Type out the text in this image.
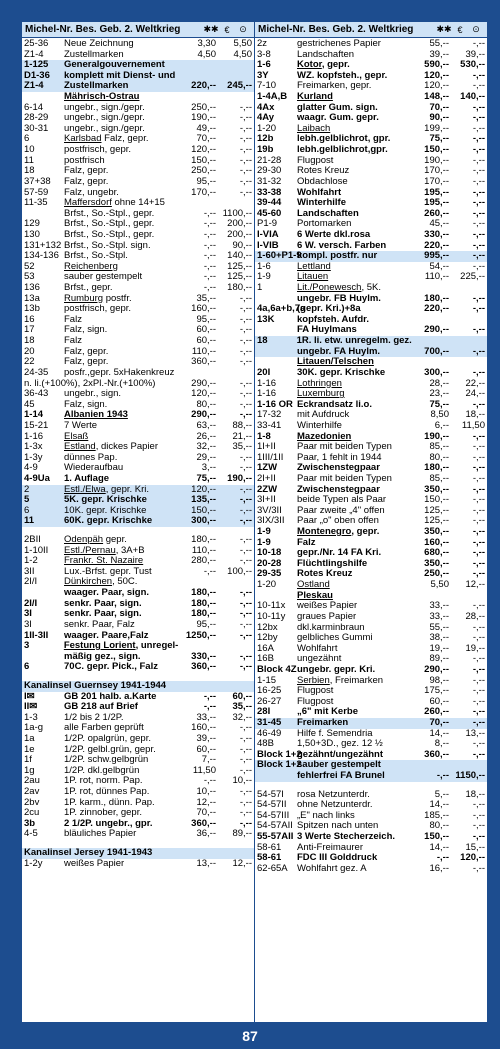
Michel-Nr. Bes. Geb. 2. Weltkrieg	✱✱ €	⊙
25-36	Neue Zeichnung	3,30	5,50
Z1-4	Zustellmarken	4,50	4,50
1-125	Generalgouvernement
D1-36	komplett mit Dienst- und
Z1-4	Zustellmarken	220,--	245,--
Mährisch-Ostrau
6-14	ungebr., sign./gepr.	250,--	-,--
28-29	ungebr., sign./gepr.	190,--	-,--
30-31	ungebr., sign./gepr.	49,--	-,--
6	Karlsbad Falz, gepr.	70,--	-,--
10	postfrisch, gepr.	120,--	-,--
11	postfrisch	150,--	-,--
18	Falz, gepr.	250,--	-,--
37+38	Falz, gepr.	95,--	-,--
57-59	Falz, ungebr.	170,--	-,--
11-35	Maffersdorf ohne 14+15
Brfst., So.-Stpl., gepr.	-,-- 1100,--
129	Brfst., So.-Stpl., gepr.	-,--	200,--
130	Brfst., So.-Stpl., gepr.	-,--	200,--
131+132 Brfst., So.-Stpl. sign.	-,--	90,--
134-136 Brfst., So.-Stpl.	-,--	140,--
52	Reichenberg	-,--	125,--
53	sauber gestempelt	-,--	125,--
136	Brfst., gepr.	-,--	180,--
13a	Rumburg postfr.	35,--	-,--
13b	postfrisch, gepr.	160,--	-,--
16	Falz	95,--	-,--
17	Falz, sign.	60,--	-,--
18	Falz	60,--	-,--
20	Falz, gepr.	110,--	-,--
22	Falz, gepr.	360,--	-,--
24-35	posfr.,gepr. 5xHakenkreuz
n. li.(+100%), 2xPl.-Nr.(+100%)	290,--	-,--
36-43	ungebr., sign.	120,--	-,--
45	Falz, sign.	80,--	-,--
1-14	Albanien 1943	290,--	-,--
15-21	7 Werte	63,--	88,--
1-16	Elsaß	26,--	21,--
1-3x	Estland, dickes Papier	32,--	35,--
1-3y	dünnes Pap.	29,--	-,--
4-9	Wiederaufbau	3,--	-,--
4-9Ua	1. Auflage	75,--	190,--
2	Estl./Elwa, gepr. Kri.	120,--	-,--
5	5K. gepr. Krischke	135,--	-,--
6	10K. gepr. Krischke	150,--	-,--
11	60K. gepr. Krischke	300,--	-,--
2BII	Odenpäh gepr.	180,--	-,--
1-10II	Estl./Pernau, 3A+B	110,--	-,--
1-2	Frankr. St. Nazaire	280,--	-,--
3II	Lux.-Brfst. gepr. Tust	-,--	100,--
2I/I	Dünkirchen, 50C.
waager. Paar, sign.	180,--	-,--
2I/I	senkr. Paar, sign.	180,--	-,--
3I	senkr. Paar, sign.	180,--	-,--
3I	senkr. Paar, Falz	95,--	-,--
1II-3II	waager. Paare,Falz	1250,--	-,--
3	Festung Lorient, unregel-
mäßig gez., sign.	330,--	-,--
6	70C. gepr. Pick., Falz	360,--	-,--
Kanalinsel Guernsey 1941-1944
I✉	GB 201 halb. a.Karte	-,--	60,--
II✉	GB 218 auf Brief	-,--	35,--
1-3	1/2 bis 2 1/2P.	33,--	32,--
1a-g	alle Farben geprüft	160,--	-,--
1a	1/2P. opalgrün, gepr.	39,--	-,--
1e	1/2P. gelbl.grün, gepr.	60,--	-,--
1f	1/2P. schw.gelbgrün	7,--	-,--
1g	1/2P. dkl.gelbgrün	11,50	-,--
2au	1P. rot, norm. Pap.	-,--	10,--
2av	1P. rot, dünnes Pap.	10,--	-,--
2bv	1P. karm., dünn. Pap.	12,--	-,--
2cu	1P. zinnober, gepr.	70,--	-,--
3b	2 1/2P. ungebr., gpr.	360,--	-,--
4-5	bläuliches Papier	36,--	89,--
Kanalinsel Jersey 1941-1943
1-2y	weißes Papier	13,--	12,--
Michel-Nr. Bes. Geb. 2. Weltkrieg	✱✱ €	⊙
2z	gestrichenes Papier	55,--	-,--
3-8	Landschaften	39,--	39,--
1-6	Kotor, gepr.	590,--	530,--
3Y	WZ. kopfsteh., gepr.	120,--	-,--
7-10	Freimarken, gepr.	120,--	-,--
1-4A,B	Kurland	148,--	140,--
4Ax	glatter Gum. sign.	70,--	-,--
4Ay	waagr. Gum. gepr.	90,--	-,--
1-20	Laibach	199,--	-,--
12b	lebh.gelblichrot, gpr.	75,--	-,--
19b	lebh.gelblichrot,gpr.	150,--	-,--
21-28	Flugpost	190,--	-,--
29-30	Rotes Kreuz	170,--	-,--
31-32	Obdachlose	170,--	-,--
33-38	Wohlfahrt	195,--	-,--
39-44	Winterhilfe	195,--	-,--
45-60	Landschaften	260,--	-,--
P1-9	Portomarken	45,--	-,--
I-VIA	6 Werte dkl.rosa	330,--	-,--
I-VIB	6 W. versch. Farben	220,--	-,--
1-60+P1-9
kompl. postfr. nur	995,--	-,--
1-6	Lettland	54,--	-,--
1-9	Litauen	110,--	225,--
1	Lit./Ponewesch, 5K.
ungebr. FB Huylm.	180,--	-,--
4a,6a+b,7a
(gepr. Kri.)+8a	220,--	-,--
13K	kopfsteh. Aufdr.
FA Huylmans	290,--	-,--
18	1R. li. etw. unregelm. gez.
ungebr. FA Huylm.	700,--	-,--
Litauen/Telschen
20I	30K. gepr. Krischke	300,--	-,--
1-16	Lothringen	28,--	22,--
1-16	Luxemburg	23,--	24,--
1-16 OR Eckrandsatz li.o.	75,--	-,--
17-32	mit Aufdruck	8,50	18,--
33-41	Winterhilfe	6,--	11,50
1-8	Mazedonien	190,--	-,--
1I+II	Paar mit beiden Typen	85,--	-,--
1III/1II	Paar, 1 fehlt in 1944	80,--	-,--
1ZW	Zwischenstegpaar	180,--	-,--
2I+II	Paar mit beiden Typen	85,--	-,--
2ZW	Zwischenstegpaar	350,--	-,--
3I+II	beide Typen als Paar	150,--	-,--
3V/3II	Paar zweite „4" offen	125,--	-,--
3IX/3II	Paar „o" oben offen	125,--	-,--
1-9	Montenegro, gepr.	350,--	-,--
1-9	Falz	160,--	-,--
10-18	gepr./Nr. 14 FA Kri.	680,--	-,--
20-28	Flüchtlingshilfe	350,--	-,--
29-35	Rotes Kreuz	250,--	-,--
1-20	Ostland	5,50	12,--
Pleskau
10-11x	weißes Papier	33,--	-,--
10-11y	graues Papier	33,--	28,--
12bx	dkl.karminbraun	55,--	-,--
12by	gelbliches Gummi	38,--	-,--
16A	Wohlfahrt	19,--	19,--
16B	ungezähnt	89,--	-,--
Block 4Z ungebr. gepr. Kri.	290,--	-,--
1-15	Serbien, Freimarken	98,--	-,--
16-25	Flugpost	175,--	-,--
26-27	Flugpost	60,--	-,--
28I	„6" mit Kerbe	260,--	-,--
31-45	Freimarken	70,--	-,--
46-49	Hilfe f. Semendria	14,--	13,--
48B	1,50+3D., gez. 12 ½	8,--	-,--
Block 1+2
gezähnt/ungezähnt	360,--	-,--
Block 1+2
sauber gestempelt
fehlerfrei FA Brunel	-,-- 1150,--
54-57I	rosa Netzunterdr.	5,--	18,--
54-57II	ohne Netzunterdr.	14,--	-,--
54-57III „E" nach links	185,--	-,--
54-57AII Spitzen nach unten	80,--	-,--
55-57AII 3 Werte Stecherzeich.	150,--	-,--
58-61	Anti-Freimaurer	14,--	15,--
58-61	FDC III Golddruck	-,--	120,--
62-65A Wohlfahrt gez. A	16,--	-,--
87
